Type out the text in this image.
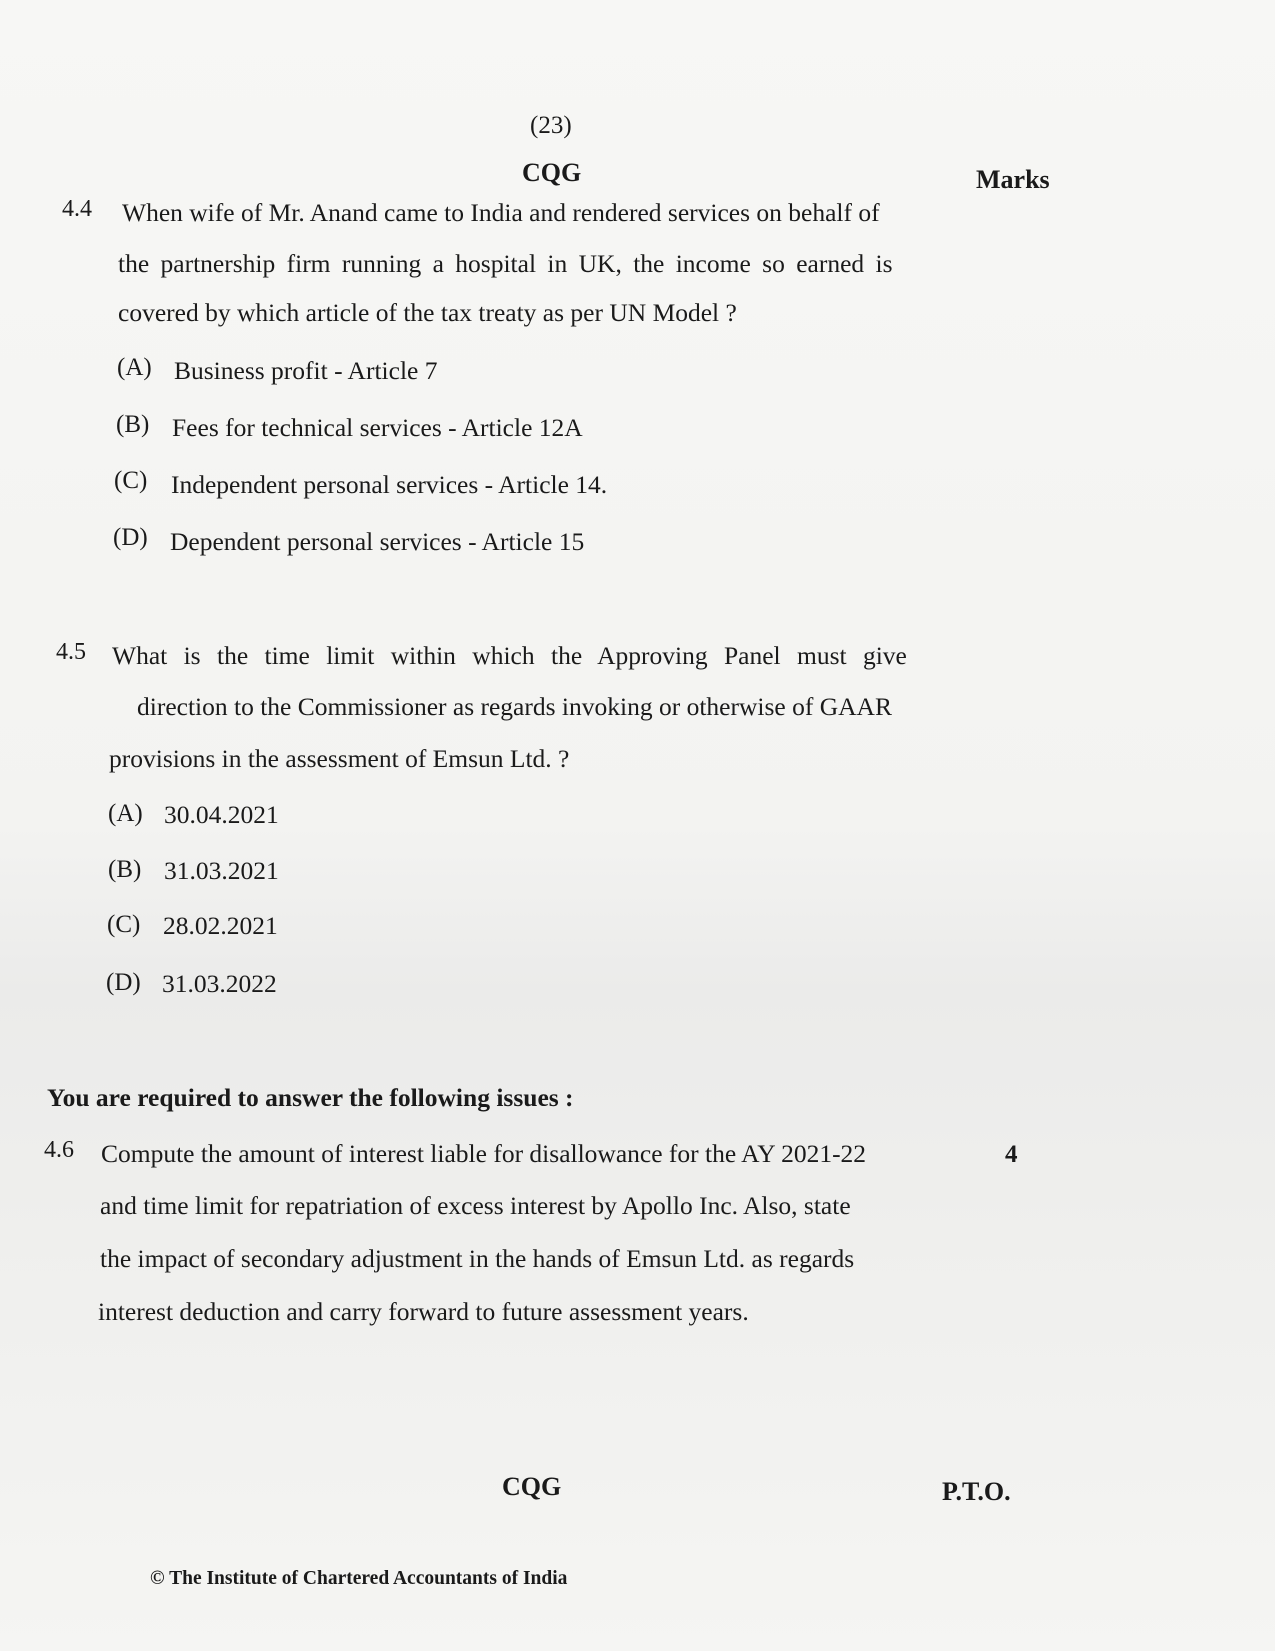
(23)
CQG	Marks
4.4 When wife of Mr. Anand came to India and rendered services on behalf of
the partnership firm running a hospital in UK, the income so earned is
covered by which article of the tax treaty as per UN Model ?
(A) Business profit - Article 7
(B) Fees for technical services - Article 12A
(C) Independent personal services - Article 14.
(D) Dependent personal services - Article 15
4.5 What is the time limit within which the Approving Panel must give
direction to the Commissioner as regards invoking or otherwise of GAAR
provisions in the assessment of Emsun Ltd. ?
(A) 30.04.2021
(B) 31.03.2021
(C) 28.02.2021
(D) 31.03.2022
You are required to answer the following issues :
4.6 Compute the amount of interest liable for disallowance for the AY 2021-22
and time limit for repatriation of excess interest by Apollo Inc. Also, state
the impact of secondary adjustment in the hands of Emsun Ltd. as regards
interest deduction and carry forward to future assessment years.
4
CQG	P.T.O.
© The Institute of Chartered Accountants of India
